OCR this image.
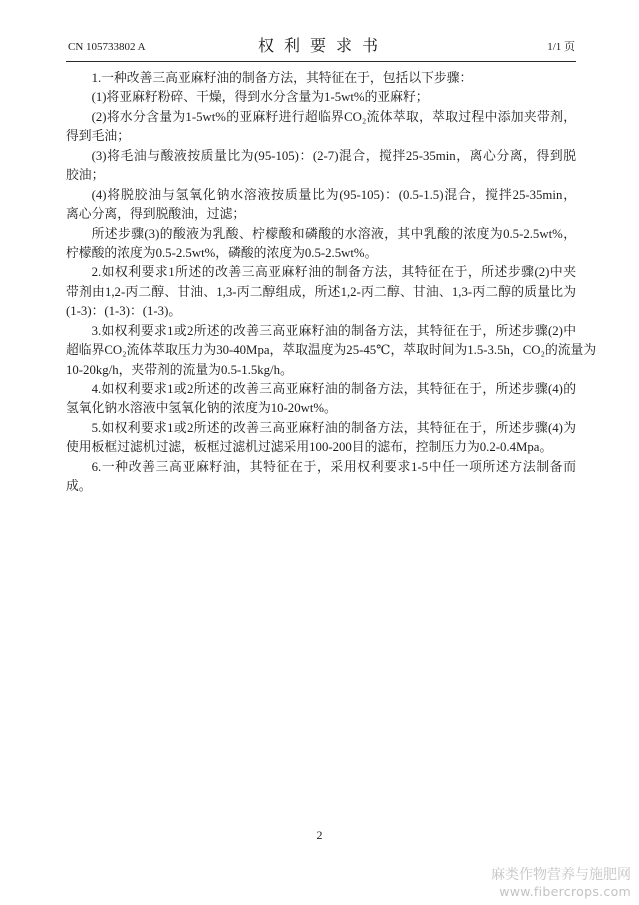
CN 105733802 A	权 利 要 求 书	1/1 页
1.一种改善三高亚麻籽油的制备方法，其特征在于，包括以下步骤：
(1)将亚麻籽粉碎、干燥，得到水分含量为1-5wt%的亚麻籽；
(2)将水分含量为1-5wt%的亚麻籽进行超临界CO₂流体萃取，萃取过程中添加夹带剂，
得到毛油；
(3)将毛油与酸液按质量比为(95-105)：(2-7)混合，搅拌25-35min，离心分离，得到脱
胶油；
(4)将脱胶油与氢氧化钠水溶液按质量比为(95-105)：(0.5-1.5)混合，搅拌25-35min，
离心分离，得到脱酸油，过滤；
所述步骤(3)的酸液为乳酸、柠檬酸和磷酸的水溶液，其中乳酸的浓度为0.5-2.5wt%，
柠檬酸的浓度为0.5-2.5wt%，磷酸的浓度为0.5-2.5wt%。
2.如权利要求1所述的改善三高亚麻籽油的制备方法，其特征在于，所述步骤(2)中夹
带剂由1,2-丙二醇、甘油、1,3-丙二醇组成，所述1,2-丙二醇、甘油、1,3-丙二醇的质量比为
(1-3)：(1-3)：(1-3)。
3.如权利要求1或2所述的改善三高亚麻籽油的制备方法，其特征在于，所述步骤(2)中
超临界CO₂流体萃取压力为30-40Mpa，萃取温度为25-45℃，萃取时间为1.5-3.5h，CO₂的流量为
10-20kg/h，夹带剂的流量为0.5-1.5kg/h。
4.如权利要求1或2所述的改善三高亚麻籽油的制备方法，其特征在于，所述步骤(4)的
氢氧化钠水溶液中氢氧化钠的浓度为10-20wt%。
5.如权利要求1或2所述的改善三高亚麻籽油的制备方法，其特征在于，所述步骤(4)为
使用板框过滤机过滤，板框过滤机过滤采用100-200目的滤布，控制压力为0.2-0.4Mpa。
6.一种改善三高亚麻籽油，其特征在于，采用权利要求1-5中任一项所述方法制备而
成。
2
麻类作物营养与施肥网
www.fibercrops.com
